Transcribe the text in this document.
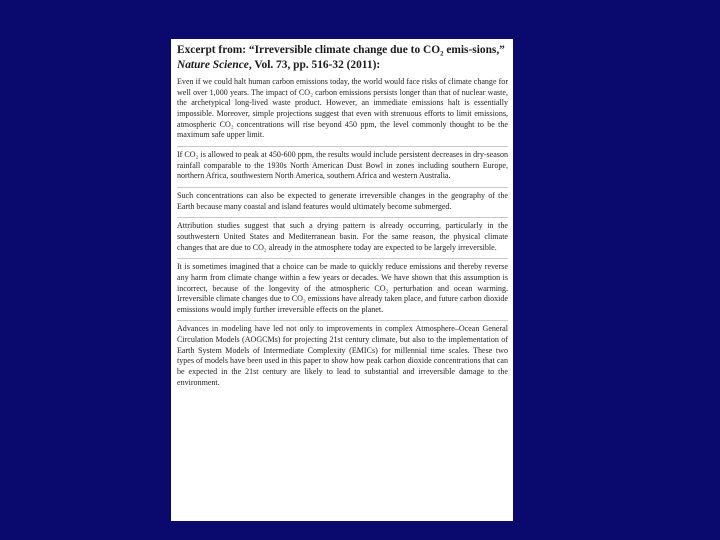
Excerpt from: “Irreversible climate change due to CO₂ emis-sions,” Nature Science, Vol. 73, pp. 516-32 (2011):

Even if we could halt human carbon emissions today, the world would face risks of climate change for well over 1,000 years. The impact of CO₂ carbon emissions persists longer than that of nuclear waste, the archetypical long-lived waste product. However, an immediate emissions halt is essentially impossible. Moreover, simple projections suggest that even with strenuous efforts to limit emissions, atmospheric CO₂ concentrations will rise beyond 450 ppm, the level commonly thought to be the maximum safe upper limit.

If CO₂ is allowed to peak at 450-600 ppm, the results would include persistent decreases in dry-season rainfall comparable to the 1930s North American Dust Bowl in zones including southern Europe, northern Africa, southwestern North America, southern Africa and western Australia.

Such concentrations can also be expected to generate irreversible changes in the geography of the Earth because many coastal and island features would ultimately become submerged.

Attribution studies suggest that such a drying pattern is already occurring, particularly in the southwestern United States and Mediterranean basin. For the same reason, the physical climate changes that are due to CO₂ already in the atmosphere today are expected to be largely irreversible.

It is sometimes imagined that a choice can be made to quickly reduce emissions and thereby reverse any harm from climate change within a few years or decades. We have shown that this assumption is incorrect, because of the longevity of the atmospheric CO₂ perturbation and ocean warming. Irreversible climate changes due to CO₂ emissions have already taken place, and future carbon dioxide emissions would imply further irreversible effects on the planet.

Advances in modeling have led not only to improvements in complex Atmosphere–Ocean General Circulation Models (AOGCMs) for projecting 21st century climate, but also to the implementation of Earth System Models of Intermediate Complexity (EMICs) for millennial time scales. These two types of models have been used in this paper to show how peak carbon dioxide concentrations that can be expected in the 21st century are likely to lead to substantial and irreversible damage to the environment.
